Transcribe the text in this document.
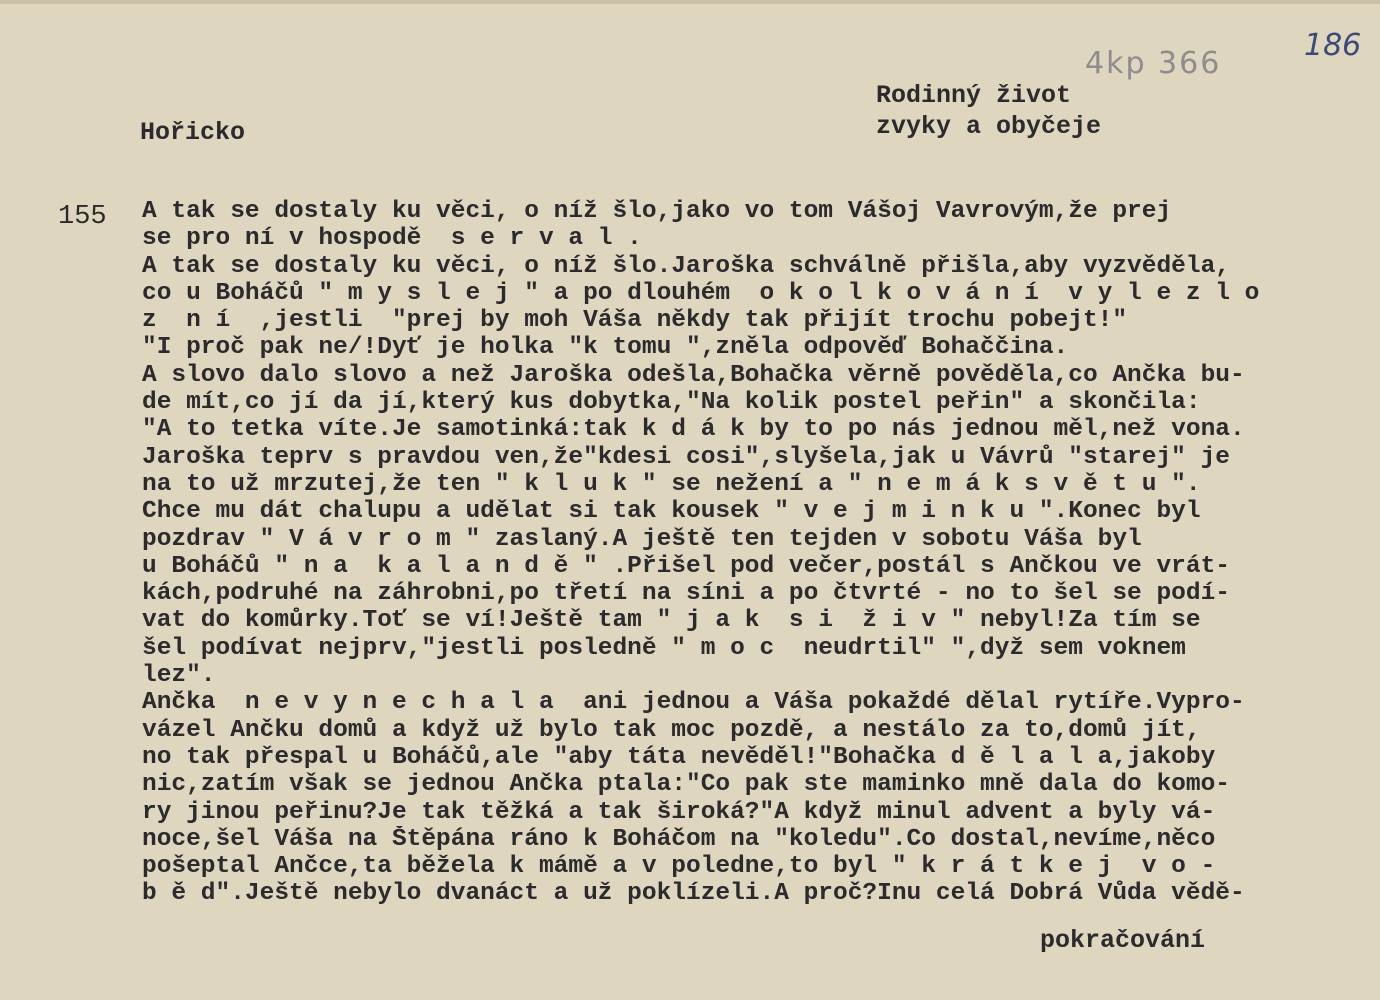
4kp 366
186
Hořicko
Rodinný život
zvyky a obyčeje
155 A tak se dostaly ku věci, o níž šlo,jako vo tom Vášoj Vavrovým,že prej
se pro ní v hospodě  s e r v a l .
A tak se dostaly ku věci, o níž šlo.Jaroška schválně přišla,aby vyzvěděla,
co u Boháčů " m y s l e j " a po dlouhém  o k o l k o v á n í  v y l e z l o
z  n í  ,jestli  "prej by moh Váša někdy tak přijít trochu pobejt!"
"I proč pak ne/!Dyť je holka "k tomu ",zněla odpověď Bohaččina.
A slovo dalo slovo a než Jaroška odešla,Bohačka věrně pověděla,co Ančka bu-
de mít,co jí da jí,který kus dobytka,"Na kolik postel peřin" a skončila:
"A to tetka víte.Je samotinká:tak k d á k by to po nás jednou měl,než vona.
Jaroška teprv s pravdou ven,že"kdesi cosi",slyšela,jak u Vávrů "starej" je
na to už mrzutej,že ten " k l u k " se nežení a " n e m á k s v ě t u ".
Chce mu dát chalupu a udělat si tak kousek " v e j m i n k u ".Konec byl
pozdrav " V á v r o m " zaslaný.A ještě ten tejden v sobotu Váša byl
u Boháčů " n a  k a l a n d ě " .Přišel pod večer,postál s Ančkou ve vrát-
kách,podruhé na záhrobni,po třetí na síni a po čtvrté - no to šel se podí-
vat do komůrky.Toť se ví!Ještě tam " j a k  s i  ž i v " nebyl!Za tím se
šel podívat nejprv,"jestli posledně " m o c  neudrtil" ",dyž sem voknem
lez".
Ančka  n e v y n e c h a l a  ani jednou a Váša pokaždé dělal rytíře.Vypro-
vázel Ančku domů a když už bylo tak moc pozdě, a nestálo za to,domů jít,
no tak přespal u Boháčů,ale "aby táta nevěděl!"Bohačka d ě l a l a,jakoby
nic,zatím však se jednou Ančka ptala:"Co pak ste maminko mně dala do komo-
ry jinou peřinu?Je tak těžká a tak široká?"A když minul advent a byly vá-
noce,šel Váša na Štěpána ráno k Boháčom na "koledu".Co dostal,nevíme,něco
pošeptal Ančce,ta běžela k mámě a v poledne,to byl " k r á t k e j  v o -
b ě d".Ještě nebylo dvanáct a už poklízeli.A proč?Inu celá Dobrá Vůda vědě-
pokračování
